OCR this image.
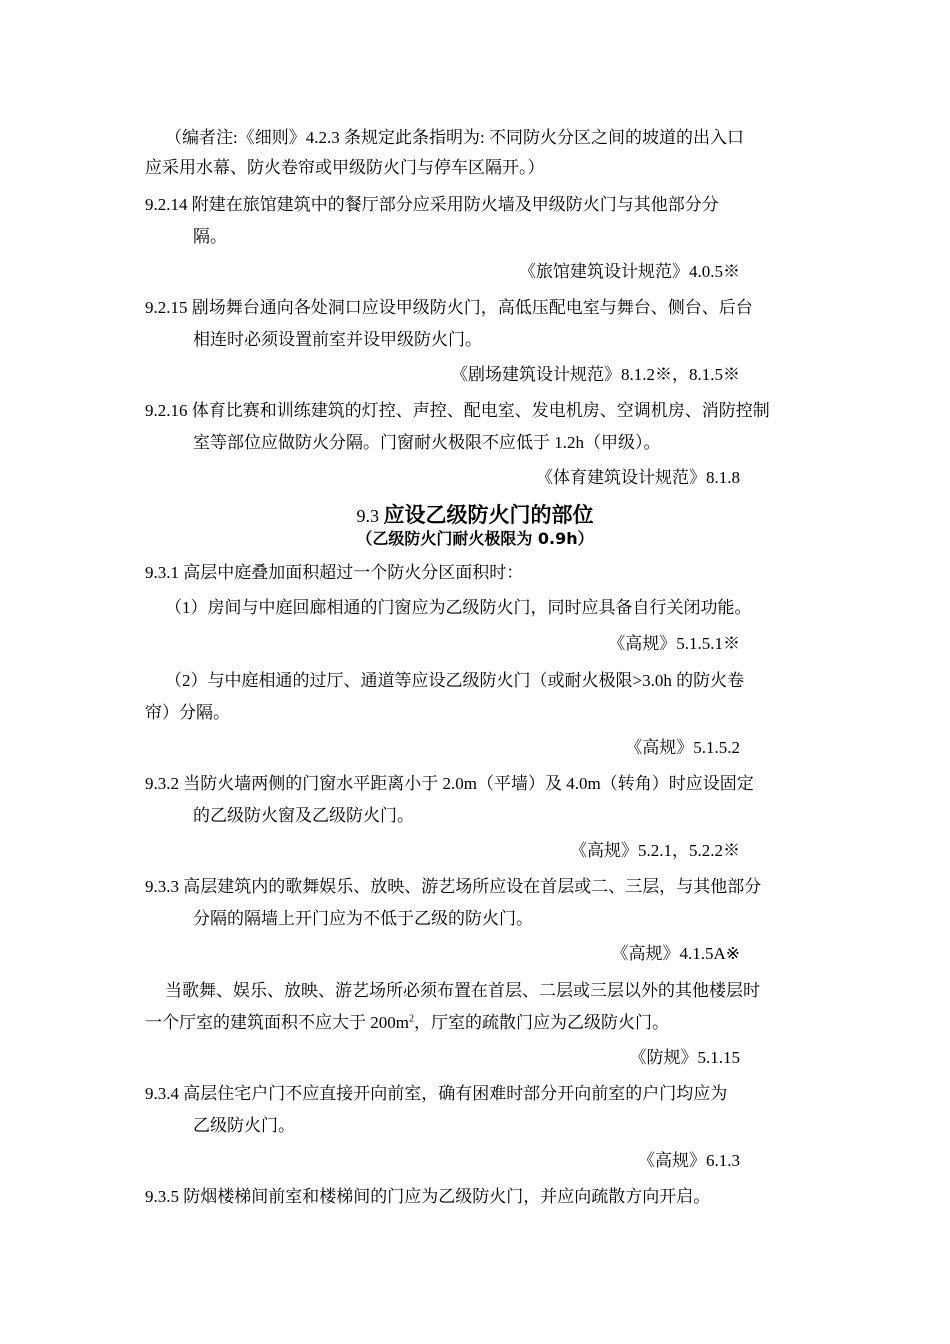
（编者注:《细则》4.2.3 条规定此条指明为: 不同防火分区之间的坡道的出入口
应采用水幕、防火卷帘或甲级防火门与停车区隔开。）
9.2.14 附建在旅馆建筑中的餐厅部分应采用防火墙及甲级防火门与其他部分分
隔。
《旅馆建筑设计规范》4.0.5※
9.2.15 剧场舞台通向各处洞口应设甲级防火门，高低压配电室与舞台、侧台、后台
相连时必须设置前室并设甲级防火门。
《剧场建筑设计规范》8.1.2※，8.1.5※
9.2.16 体育比赛和训练建筑的灯控、声控、配电室、发电机房、空调机房、消防控制
室等部位应做防火分隔。门窗耐火极限不应低于 1.2h（甲级）。
《体育建筑设计规范》8.1.8
9.3 应设乙级防火门的部位
（乙级防火门耐火极限为 0.9h）
9.3.1 高层中庭叠加面积超过一个防火分区面积时：
（1）房间与中庭回廊相通的门窗应为乙级防火门，同时应具备自行关闭功能。
《高规》5.1.5.1※
（2）与中庭相通的过厅、通道等应设乙级防火门（或耐火极限>3.0h 的防火卷
帘）分隔。
《高规》5.1.5.2
9.3.2 当防火墙两侧的门窗水平距离小于 2.0m（平墙）及 4.0m（转角）时应设固定
的乙级防火窗及乙级防火门。
《高规》5.2.1，5.2.2※
9.3.3 高层建筑内的歌舞娱乐、放映、游艺场所应设在首层或二、三层，与其他部分
分隔的隔墙上开门应为不低于乙级的防火门。
《高规》4.1.5A※
当歌舞、娱乐、放映、游艺场所必须布置在首层、二层或三层以外的其他楼层时
一个厅室的建筑面积不应大于 $200m^2$，厅室的疏散门应为乙级防火门。
《防规》5.1.15
9.3.4 高层住宅户门不应直接开向前室，确有困难时部分开向前室的户门均应为
乙级防火门。
《高规》6.1.3
9.3.5 防烟楼梯间前室和楼梯间的门应为乙级防火门，并应向疏散方向开启。
